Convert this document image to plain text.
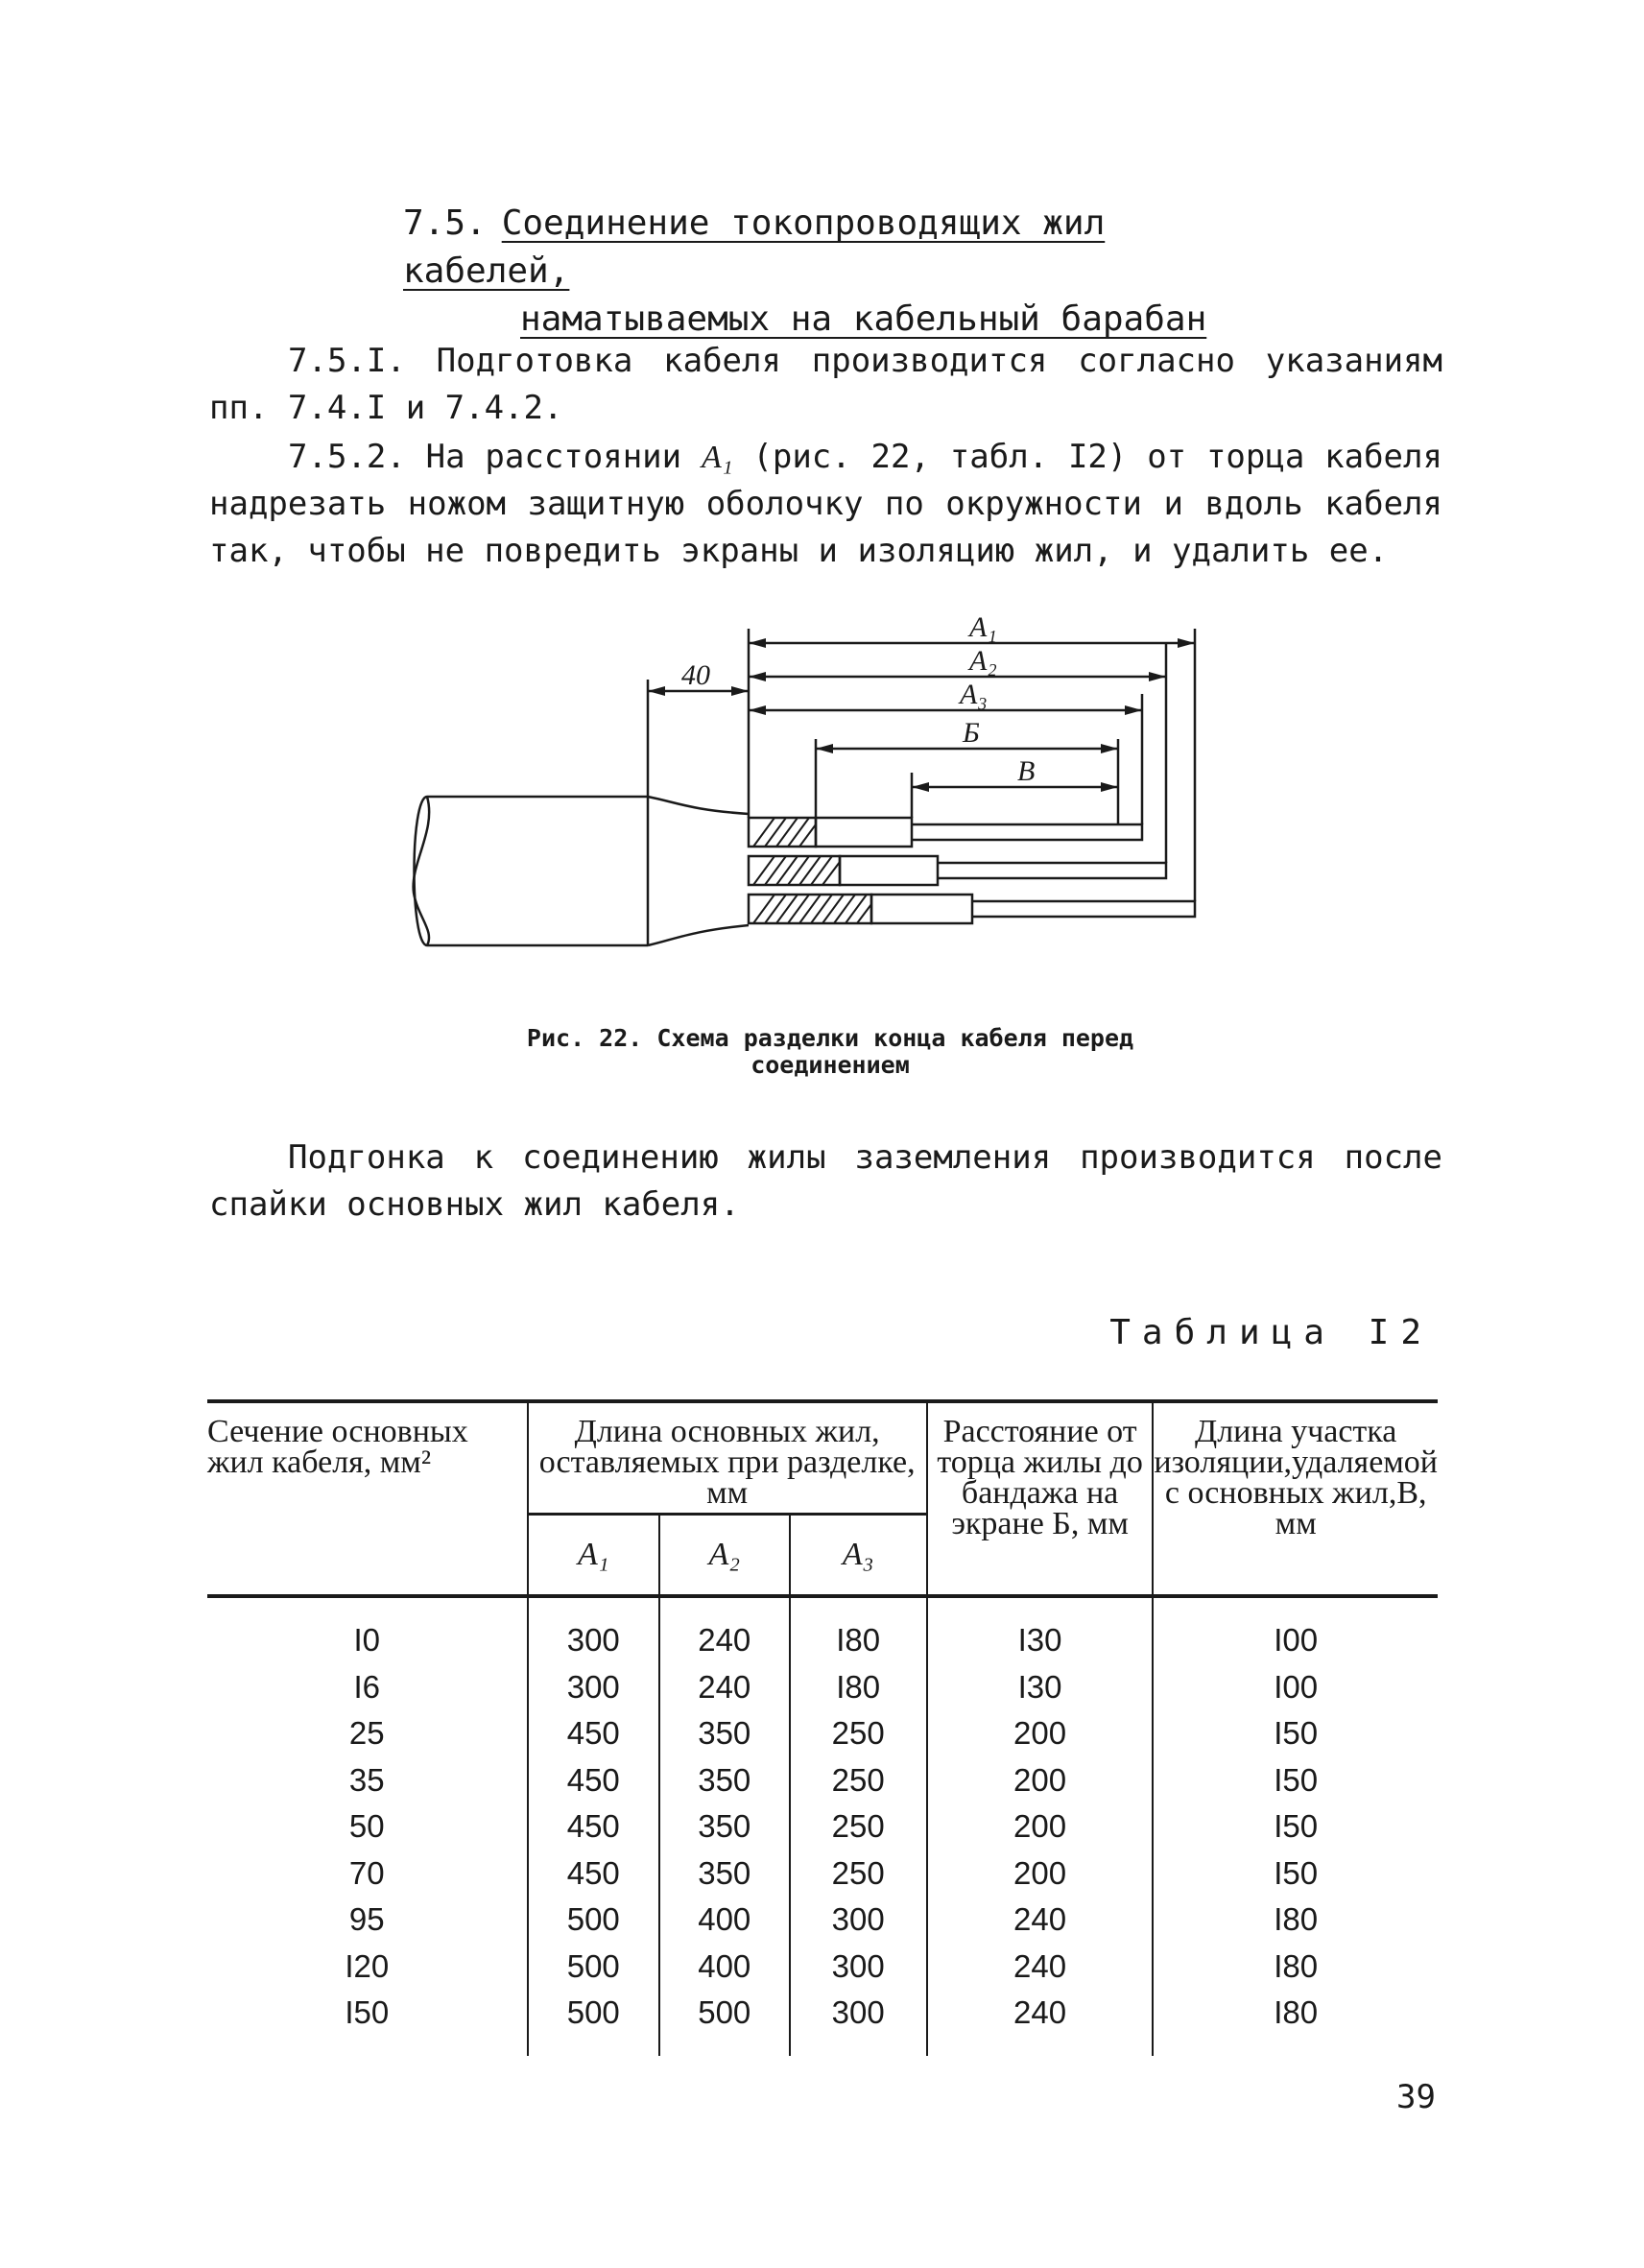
7.5. Соединение токопроводящих жил кабелей,
наматываемых на кабельный барабан
7.5.I. Подготовка кабеля производится согласно указаниям пп. 7.4.I и 7.4.2.
7.5.2. На расстоянии A₁ (рис. 22, табл. I2) от торца кабеля надрезать ножом защитную оболочку по окружности и вдоль кабеля так, чтобы не повредить экраны и изоляцию жил, и удалить ее.
A₁
A₂
A₃
Б
В
40
Рис. 22. Схема разделки конца кабеля перед
соединением
Подгонка к соединению жилы заземления производится после спайки основных жил кабеля.
Таблица I2
Сечение основных жил кабеля, мм²	Длина основных жил, оставляемых при разделке, мм			Расстояние от торца жилы до бандажа на экране Б, мм	Длина участка изоляции,удаляемой с основных жил,В, мм
	A₁	A₂	A₃		
I0	300	240	I80	I30	I00
I6	300	240	I80	I30	I00
25	450	350	250	200	I50
35	450	350	250	200	I50
50	450	350	250	200	I50
70	450	350	250	200	I50
95	500	400	300	240	I80
I20	500	400	300	240	I80
I50	500	500	300	240	I80
39
